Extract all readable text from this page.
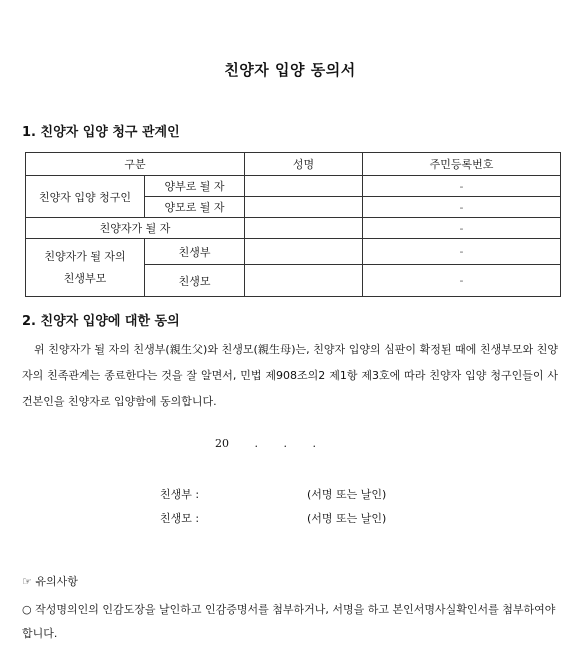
친양자 입양 동의서
1. 친양자 입양 청구 관계인
구분		성명	주민등록번호
친양자 입양 청구인	양부로 될 자		-
	양모로 될 자		-
친양자가 될 자			-
친양자가 될 자의
친생부모	친생부		-
	친생모		-
2. 친양자 입양에 대한 동의
위 친양자가 될 자의 친생부(親生父)와 친생모(親生母)는, 친양자 입양의 심판이 확정된 때에 친생부모와 친양자의 친족관계는 종료한다는 것을 잘 알면서, 민법 제908조의2 제1항 제3호에 따라 친양자 입양 청구인들이 사건본인을 친양자로 입양함에 동의합니다.
20 . . .
친생부 :	(서명 또는 날인)
친생모 :	(서명 또는 날인)
☞ 유의사항
○ 작성명의인의 인감도장을 날인하고 인감증명서를 첨부하거나, 서명을 하고 본인서명사실확인서를 첨부하여야 합니다.
